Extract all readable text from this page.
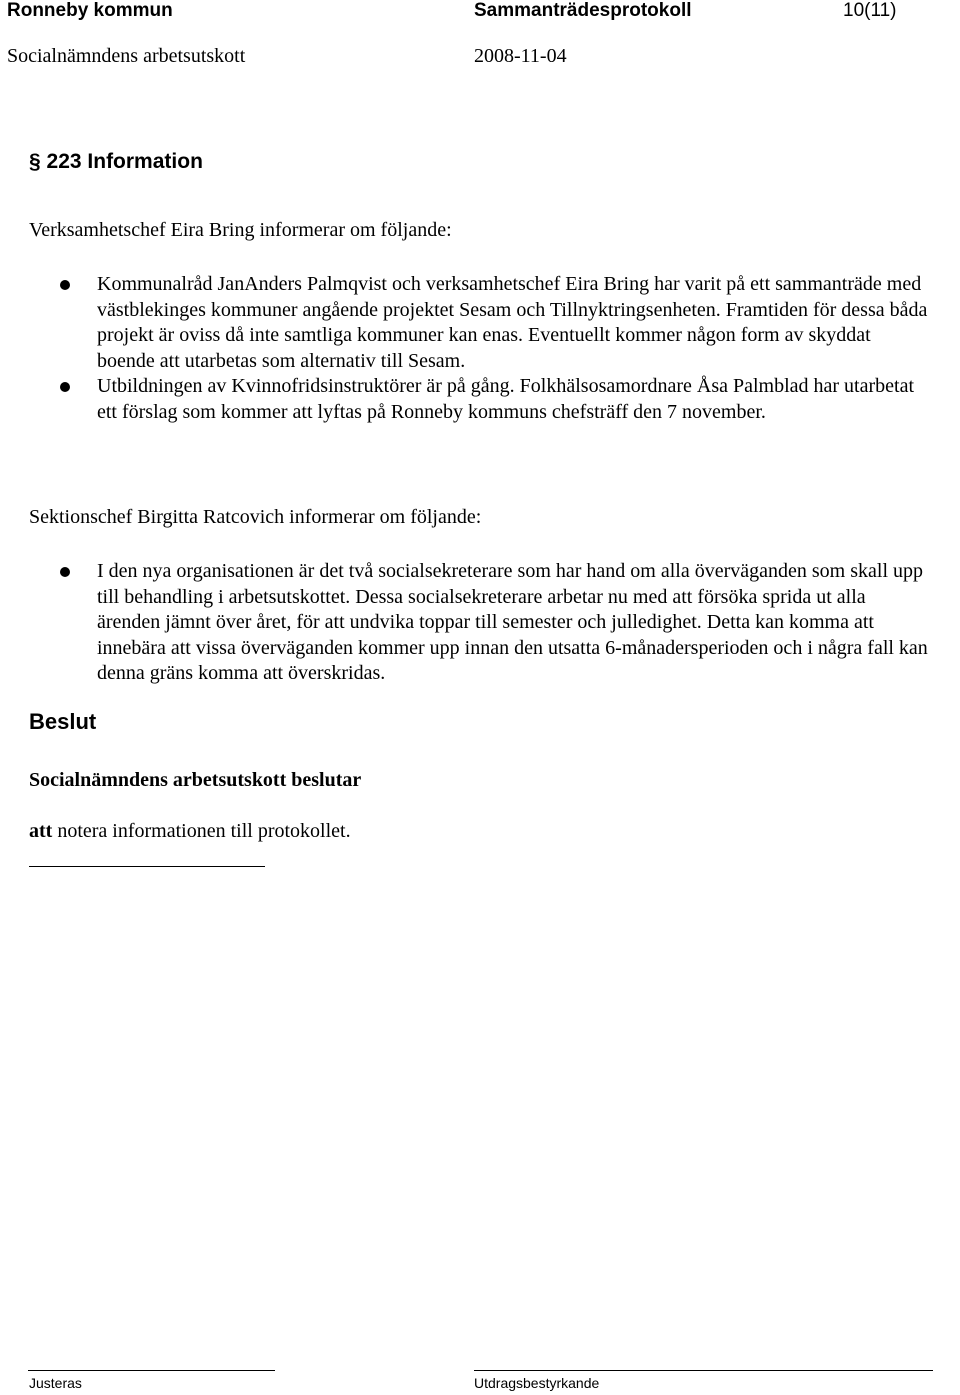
Ronneby kommun	Sammanträdesprotokoll	10(11)
Socialnämndens arbetsutskott	2008-11-04
§ 223 Information
Verksamhetschef Eira Bring informerar om följande:
Kommunalråd JanAnders Palmqvist och verksamhetschef Eira Bring har varit på ett sammanträde med västblekinges kommuner angående projektet Sesam och Tillnyktringsenheten. Framtiden för dessa båda projekt är oviss då inte samtliga kommuner kan enas. Eventuellt kommer någon form av skyddat boende att utarbetas som alternativ till Sesam.
Utbildningen av Kvinnofridsinstruktörer är på gång. Folkhälsosamordnare Åsa Palmblad har utarbetat ett förslag som kommer att lyftas på Ronneby kommuns chefsträff den 7 november.
Sektionschef Birgitta Ratcovich informerar om följande:
I den nya organisationen är det två socialsekreterare som har hand om alla överväganden som skall upp till behandling i arbetsutskottet. Dessa socialsekreterare arbetar nu med att försöka sprida ut alla ärenden jämnt över året, för att undvika toppar till semester och julledighet. Detta kan komma att innebära att vissa överväganden kommer upp innan den utsatta 6-månadersperioden och i några fall kan denna gräns komma att överskridas.
Beslut
Socialnämndens arbetsutskott beslutar
att notera informationen till protokollet.
Justeras	Utdragsbestyrkande
